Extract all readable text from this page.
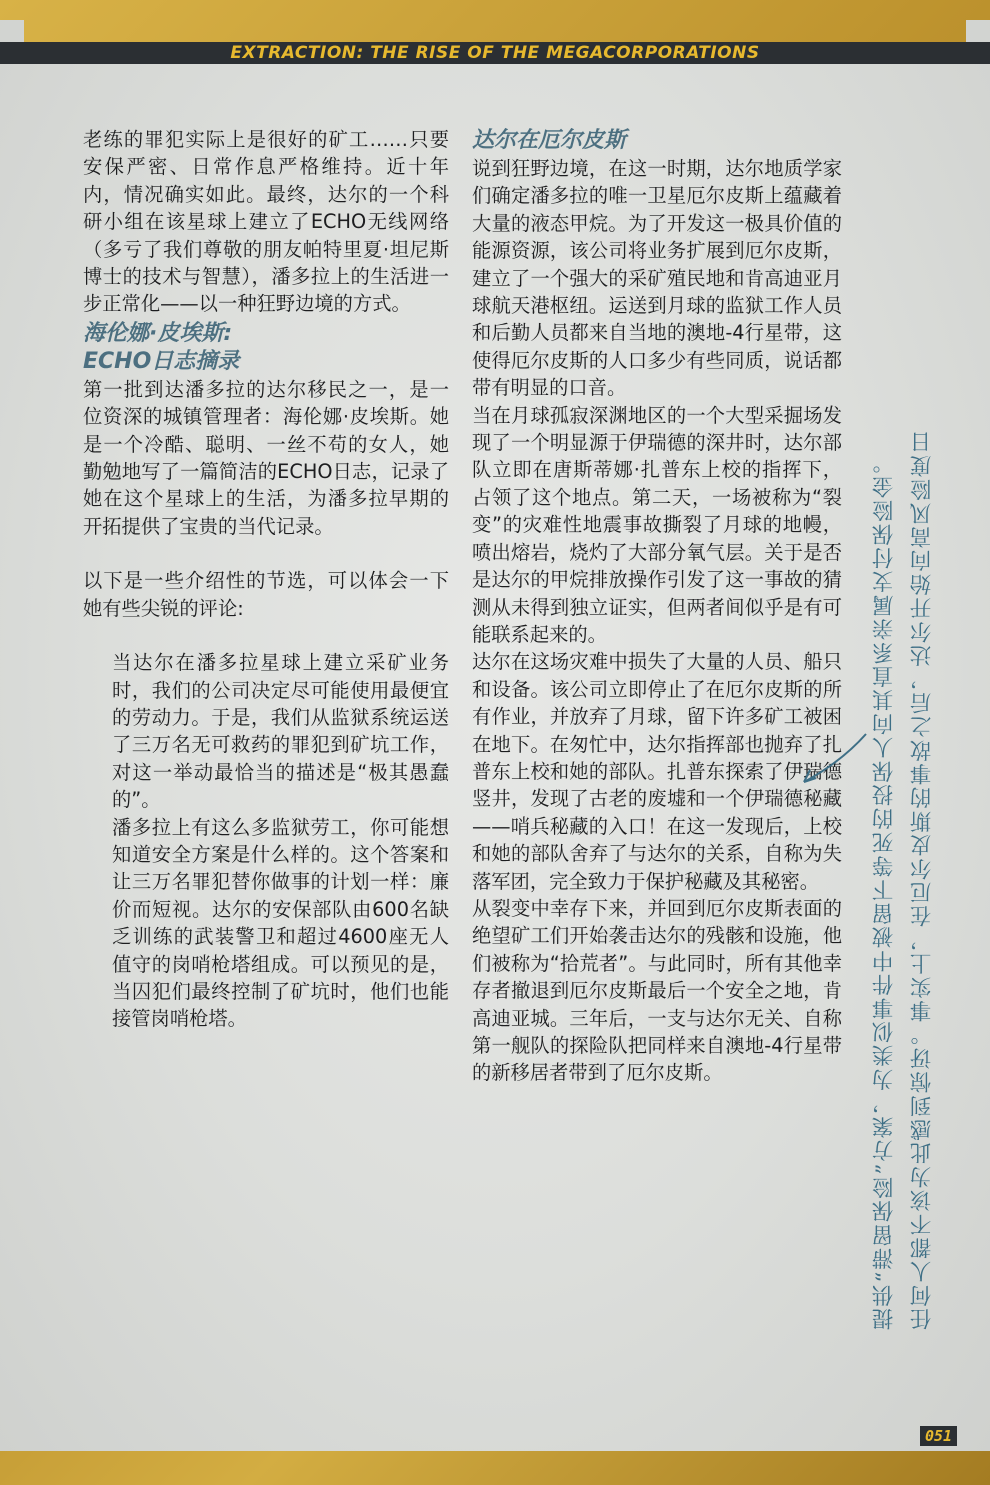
EXTRACTION: THE RISE OF THE MEGACORPORATIONS

老练的罪犯实际上是很好的矿工……只要安保严密、日常作息严格维持。近十年内，情况确实如此。最终，达尔的一个科研小组在该星球上建立了ECHO无线网络（多亏了我们尊敬的朋友帕特里夏·坦尼斯博士的技术与智慧），潘多拉上的生活进一步正常化——以一种狂野边境的方式。

海伦娜·皮埃斯:
ECHO日志摘录

第一批到达潘多拉的达尔移民之一，是一位资深的城镇管理者：海伦娜·皮埃斯。她是一个冷酷、聪明、一丝不苟的女人，她勤勉地写了一篇简洁的ECHO日志，记录了她在这个星球上的生活，为潘多拉早期的开拓提供了宝贵的当代记录。

以下是一些介绍性的节选，可以体会一下她有些尖锐的评论:

当达尔在潘多拉星球上建立采矿业务时，我们的公司决定尽可能使用最便宜的劳动力。于是，我们从监狱系统运送了三万名无可救药的罪犯到矿坑工作，对这一举动最恰当的描述是“极其愚蠢的”。

潘多拉上有这么多监狱劳工，你可能想知道安全方案是什么样的。这个答案和让三万名罪犯替你做事的计划一样：廉价而短视。达尔的安保部队由600名缺乏训练的武装警卫和超过4600座无人值守的岗哨枪塔组成。可以预见的是，当囚犯们最终控制了矿坑时，他们也能接管岗哨枪塔。

达尔在厄尔皮斯

说到狂野边境，在这一时期，达尔地质学家们确定潘多拉的唯一卫星厄尔皮斯上蕴藏着大量的液态甲烷。为了开发这一极具价值的能源资源，该公司将业务扩展到厄尔皮斯，建立了一个强大的采矿殖民地和肯高迪亚月球航天港枢纽。运送到月球的监狱工作人员和后勤人员都来自当地的澳地-4行星带，这使得厄尔皮斯的人口多少有些同质，说话都带有明显的口音。

当在月球孤寂深渊地区的一个大型采掘场发现了一个明显源于伊瑞德的深井时，达尔部队立即在唐斯蒂娜·扎普东上校的指挥下，占领了这个地点。第二天，一场被称为“裂变”的灾难性地震事故撕裂了月球的地幔，喷出熔岩，烧灼了大部分氧气层。关于是否是达尔的甲烷排放操作引发了这一事故的猜测从未得到独立证实，但两者间似乎是有可能联系起来的。

达尔在这场灾难中损失了大量的人员、船只和设备。该公司立即停止了在厄尔皮斯的所有作业，并放弃了月球，留下许多矿工被困在地下。在匆忙中，达尔指挥部也抛弃了扎普东上校和她的部队。扎普东探索了伊瑞德竖井，发现了古老的废墟和一个伊瑞德秘藏——哨兵秘藏的入口！在这一发现后，上校和她的部队舍弃了与达尔的关系，自称为失落军团，完全致力于保护秘藏及其秘密。

从裂变中幸存下来，并回到厄尔皮斯表面的绝望矿工们开始袭击达尔的残骸和设施，他们被称为“拾荒者”。与此同时，所有其他幸存者撤退到厄尔皮斯最后一个安全之地，肯高迪亚城。三年后，一支与达尔无关、自称第一舰队的探险队把同样来自澳地-4行星带的新移居者带到了厄尔皮斯。	任何人都不该为此感到惊讶。事实上，在厄尔皮斯的事故之后，达尔开始向高风险度日
提供“滞留保险”方案，为类似事件中被留下等死的投保人向其直系亲属支付保险金。
051
